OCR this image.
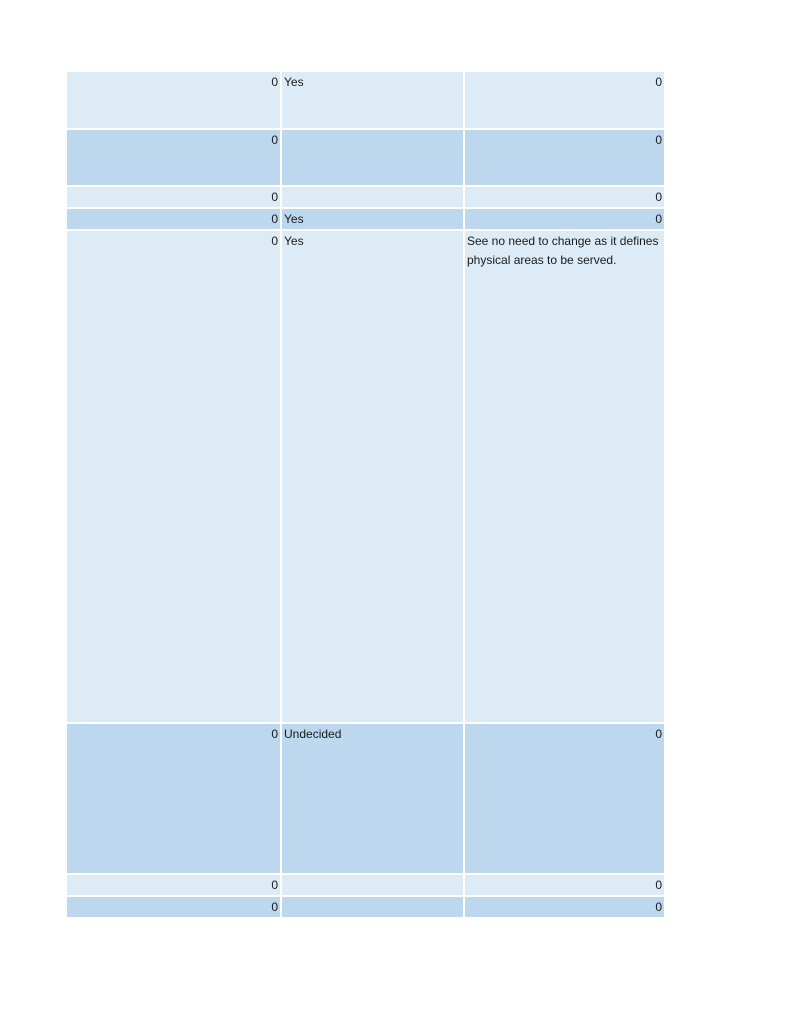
0	Yes	0
0		0
0		0
0	Yes	0
0	Yes	See no need to change as it defines physical areas to be served.
0	Undecided	0
0		0
0		0
